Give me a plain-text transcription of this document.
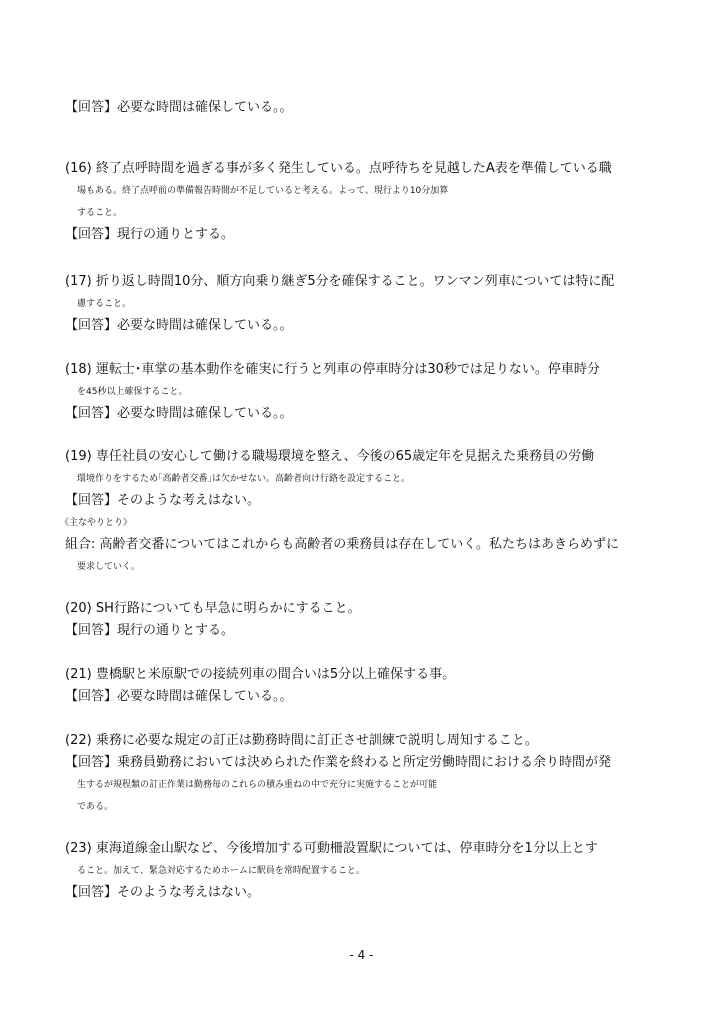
【回答】必要な時間は確保している。。
(16) 終了点呼時間を過ぎる事が多く発生している。点呼待ちを見越したA表を準備している職
場もある。終了点呼前の準備報告時間が不足していると考える。よって、現行より10分加算
すること。
【回答】現行の通りとする。
(17) 折り返し時間10分、順方向乗り継ぎ5分を確保すること。ワンマン列車については特に配
慮すること。
【回答】必要な時間は確保している。。
(18) 運転士･車掌の基本動作を確実に行うと列車の停車時分は30秒では足りない。停車時分
を45秒以上確保すること。
【回答】必要な時間は確保している。。
(19) 専任社員の安心して働ける職場環境を整え、今後の65歳定年を見据えた乗務員の労働
環境作りをするため｢高齢者交番｣は欠かせない。高齢者向け行路を設定すること。
【回答】そのような考えはない。
《主なやりとり》
組合: 高齢者交番についてはこれからも高齢者の乗務員は存在していく。私たちはあきらめずに
要求していく。
(20) SH行路についても早急に明らかにすること。
【回答】現行の通りとする。
(21) 豊橋駅と米原駅での接続列車の間合いは5分以上確保する事。
【回答】必要な時間は確保している。。
(22) 乗務に必要な規定の訂正は勤務時間に訂正させ訓練で説明し周知すること。
【回答】乗務員勤務においては決められた作業を終わると所定労働時間における余り時間が発
生するが規程類の訂正作業は勤務毎のこれらの積み重ねの中で充分に実施することが可能
である。
(23) 東海道線金山駅など、今後増加する可動柵設置駅については、停車時分を1分以上とす
ること。加えて、緊急対応するためホームに駅員を常時配置すること。
【回答】そのような考えはない。
- 4 -
